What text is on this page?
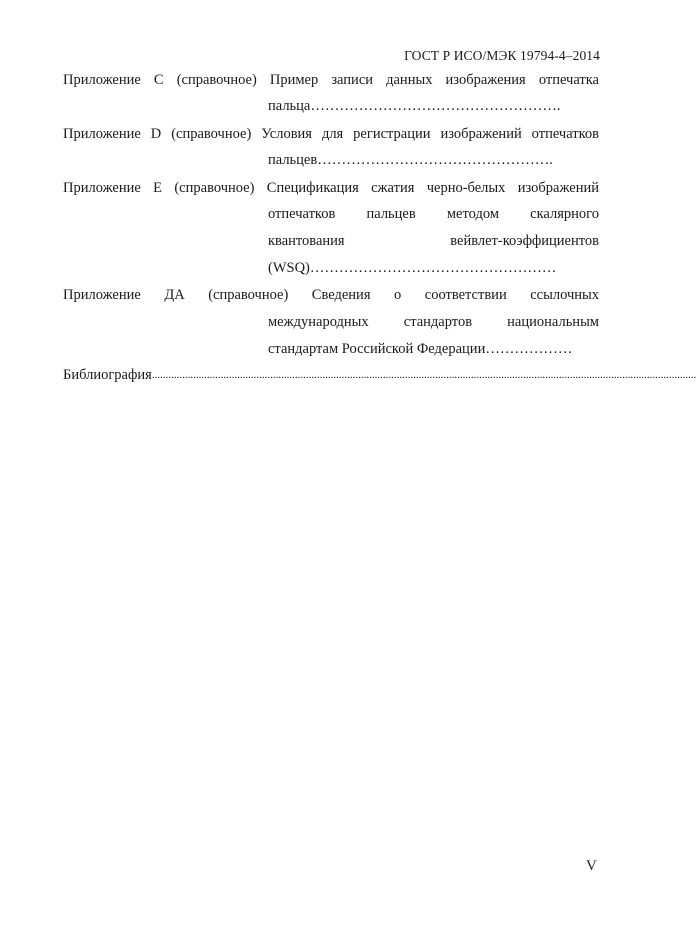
ГОСТ Р ИСО/МЭК 19794-4–2014
Приложение С (справочное) Пример записи данных изображения отпечатка
пальца…………………………………………….
Приложение D (справочное) Условия для регистрации изображений отпечатков
пальцев………………………………………….
Приложение Е (справочное) Спецификация сжатия черно-белых изображений
отпечатков пальцев методом скалярного
квантования вейвлет-коэффициентов
(WSQ)……………………………………………
Приложение ДА (справочное) Сведения о соответствии ссылочных
международных стандартов национальным
стандартам Российской Федерации………………
Библиография ......................................................................................................................................................................................................
V
